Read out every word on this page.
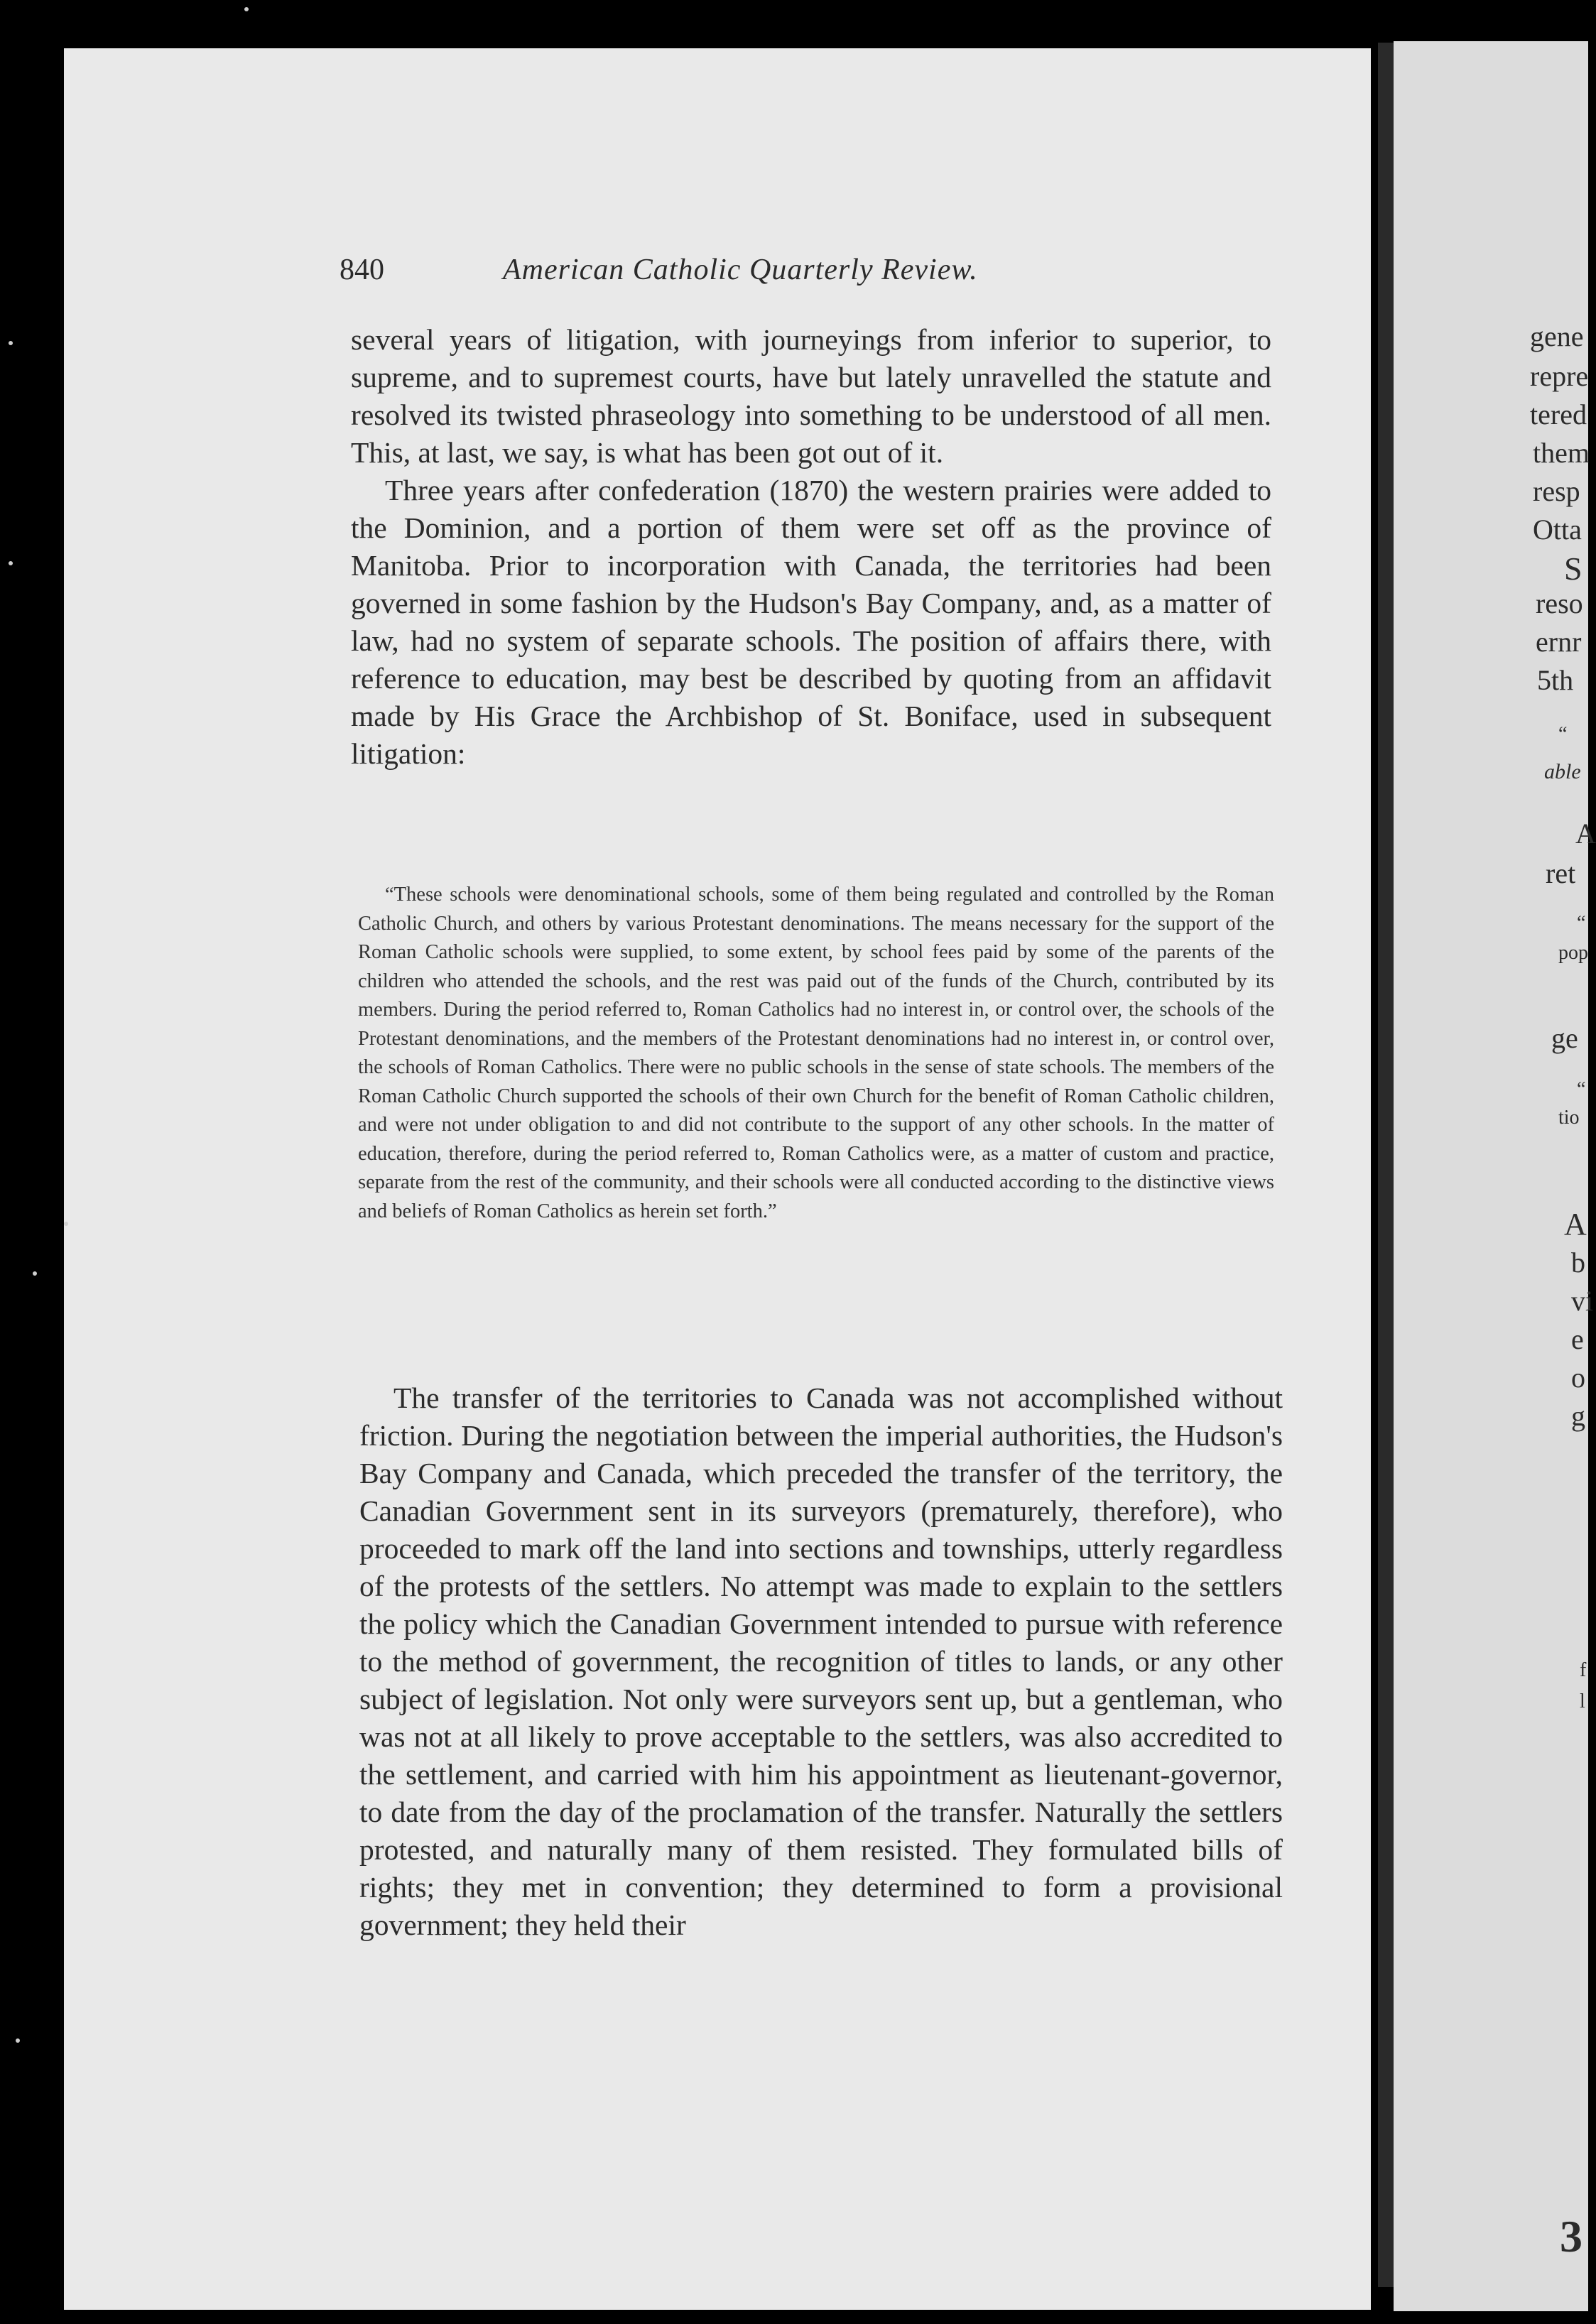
gene
repre
tered
them
resp
Otta
S
reso
ernr
5th
“
able
A
ret
“
pop
ge
“
tio
A
b
vi
e
o
g
f
l
3
840	American Catholic Quarterly Review.

several years of litigation, with journeyings from inferior to superior, to supreme, and to supremest courts, have but lately unravelled the statute and resolved its twisted phraseology into something to be understood of all men. This, at last, we say, is what has been got out of it.

Three years after confederation (1870) the western prairies were added to the Dominion, and a portion of them were set off as the province of Manitoba. Prior to incorporation with Canada, the territories had been governed in some fashion by the Hudson's Bay Company, and, as a matter of law, had no system of separate schools. The position of affairs there, with reference to education, may best be described by quoting from an affidavit made by His Grace the Archbishop of St. Boniface, used in subsequent litigation:

“These schools were denominational schools, some of them being regulated and controlled by the Roman Catholic Church, and others by various Protestant denominations. The means necessary for the support of the Roman Catholic schools were supplied, to some extent, by school fees paid by some of the parents of the children who attended the schools, and the rest was paid out of the funds of the Church, contributed by its members. During the period referred to, Roman Catholics had no interest in, or control over, the schools of the Protestant denominations, and the members of the Protestant denominations had no interest in, or control over, the schools of Roman Catholics. There were no public schools in the sense of state schools. The members of the Roman Catholic Church supported the schools of their own Church for the benefit of Roman Catholic children, and were not under obligation to and did not contribute to the support of any other schools. In the matter of education, therefore, during the period referred to, Roman Catholics were, as a matter of custom and practice, separate from the rest of the community, and their schools were all conducted according to the distinctive views and beliefs of Roman Catholics as herein set forth.”

The transfer of the territories to Canada was not accomplished without friction. During the negotiation between the imperial authorities, the Hudson's Bay Company and Canada, which preceded the transfer of the territory, the Canadian Government sent in its surveyors (prematurely, therefore), who proceeded to mark off the land into sections and townships, utterly regardless of the protests of the settlers. No attempt was made to explain to the settlers the policy which the Canadian Government intended to pursue with reference to the method of government, the recognition of titles to lands, or any other subject of legislation. Not only were surveyors sent up, but a gentleman, who was not at all likely to prove acceptable to the settlers, was also accredited to the settlement, and carried with him his appointment as lieutenant-governor, to date from the day of the proclamation of the transfer. Naturally the settlers protested, and naturally many of them resisted. They formulated bills of rights; they met in convention; they determined to form a provisional government; they held their
